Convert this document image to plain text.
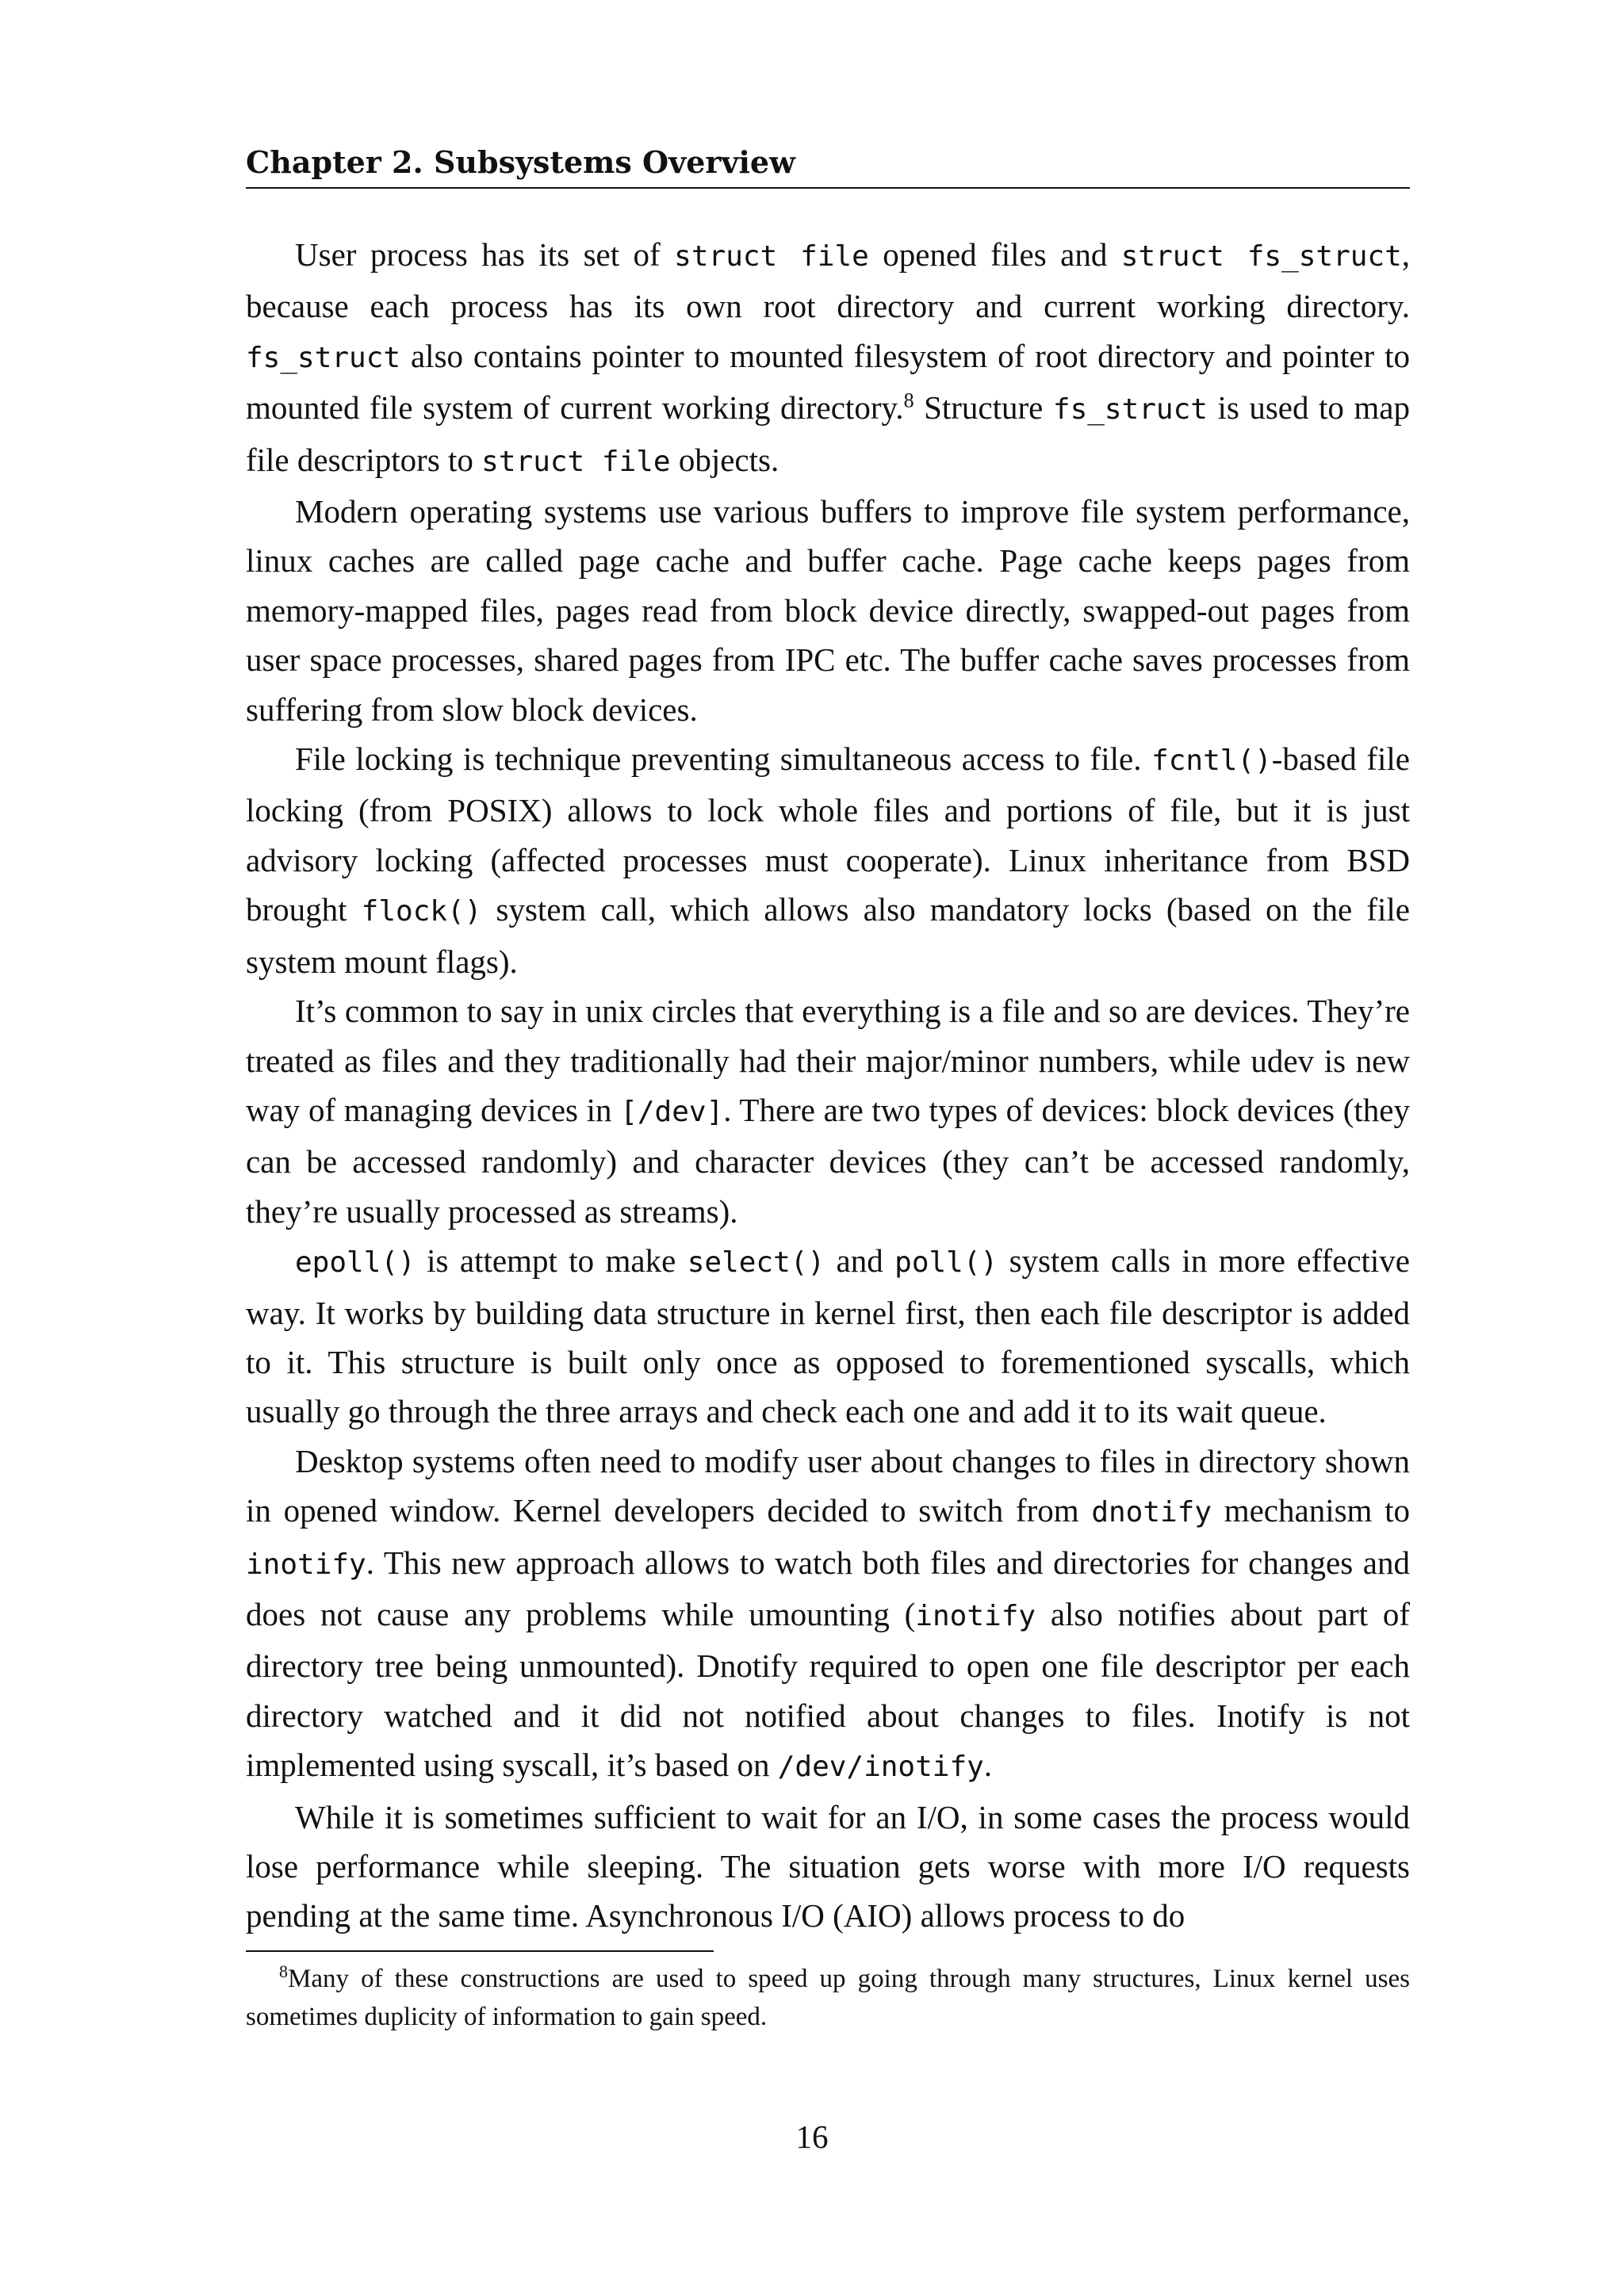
Chapter 2. Subsystems Overview

User process has its set of struct file opened files and struct fs_struct, because each process has its own root directory and current working directory. fs_struct also contains pointer to mounted filesystem of root directory and pointer to mounted file system of current working directory.$^8$ Structure fs_struct is used to map file descriptors to struct file objects.

Modern operating systems use various buffers to improve file system performance, linux caches are called page cache and buffer cache. Page cache keeps pages from memory-mapped files, pages read from block device directly, swapped-out pages from user space processes, shared pages from IPC etc. The buffer cache saves processes from suffering from slow block devices.

File locking is technique preventing simultaneous access to file. fcntl()-based file locking (from POSIX) allows to lock whole files and portions of file, but it is just advisory locking (affected processes must cooperate). Linux inheritance from BSD brought flock() system call, which allows also mandatory locks (based on the file system mount flags).

It’s common to say in unix circles that everything is a file and so are devices. They’re treated as files and they traditionally had their major/minor numbers, while udev is new way of managing devices in [/dev]. There are two types of devices: block devices (they can be accessed randomly) and character devices (they can’t be accessed randomly, they’re usually processed as streams).

epoll() is attempt to make select() and poll() system calls in more effective way. It works by building data structure in kernel first, then each file descriptor is added to it. This structure is built only once as opposed to forementioned syscalls, which usually go through the three arrays and check each one and add it to its wait queue.

Desktop systems often need to modify user about changes to files in directory shown in opened window. Kernel developers decided to switch from dnotify mechanism to inotify. This new approach allows to watch both files and directories for changes and does not cause any problems while umounting (inotify also notifies about part of directory tree being unmounted). Dnotify required to open one file descriptor per each directory watched and it did not notified about changes to files. Inotify is not implemented using syscall, it’s based on /dev/inotify.

While it is sometimes sufficient to wait for an I/O, in some cases the process would lose performance while sleeping. The situation gets worse with more I/O requests pending at the same time. Asynchronous I/O (AIO) allows process to do

$^8$Many of these constructions are used to speed up going through many structures, Linux kernel uses sometimes duplicity of information to gain speed.

16
